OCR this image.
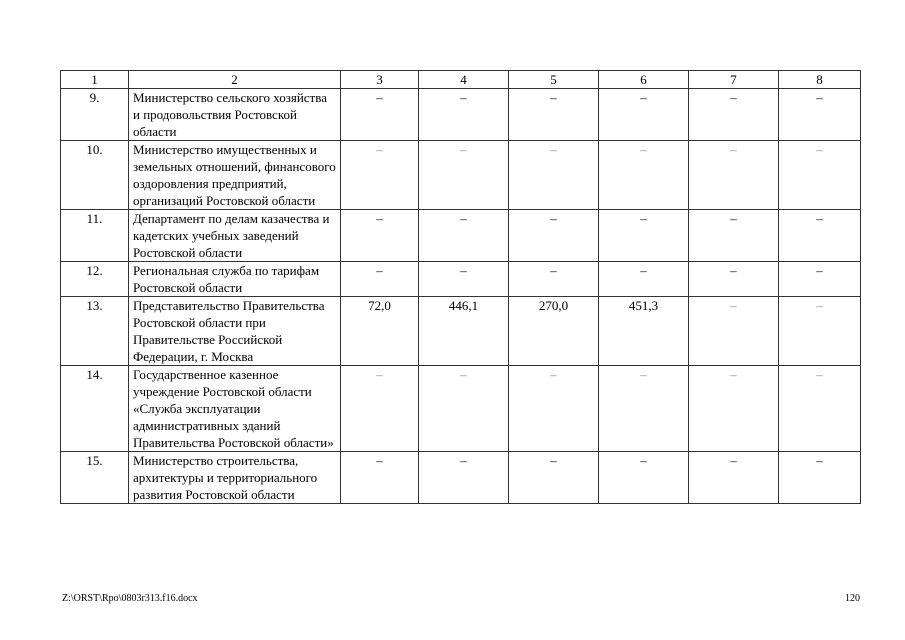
1	2	3	4	5	6	7	8
9.	Министерство сельского хозяйства и продовольствия Ростовской области	–	–	–	–	–	–
10.	Министерство имущественных и земельных отношений, финансового оздоровления предприятий, организаций Ростовской области	–	–	–	–	–	–
11.	Департамент по делам казачества и кадетских учебных заведений Ростовской области	–	–	–	–	–	–
12.	Региональная служба по тарифам Ростовской области	–	–	–	–	–	–
13.	Представительство Правительства Ростовской области при Правительстве Российской Федерации, г. Москва	72,0	446,1	270,0	451,3	–	–
14.	Государственное казенное учреждение Ростовской области «Служба эксплуатации административных зданий Правительства Ростовской области»	–	–	–	–	–	–
15.	Министерство строительства, архитектуры и территориального развития Ростовской области	–	–	–	–	–	–
Z:\ORST\Rpo\0803r313.f16.docx	120
